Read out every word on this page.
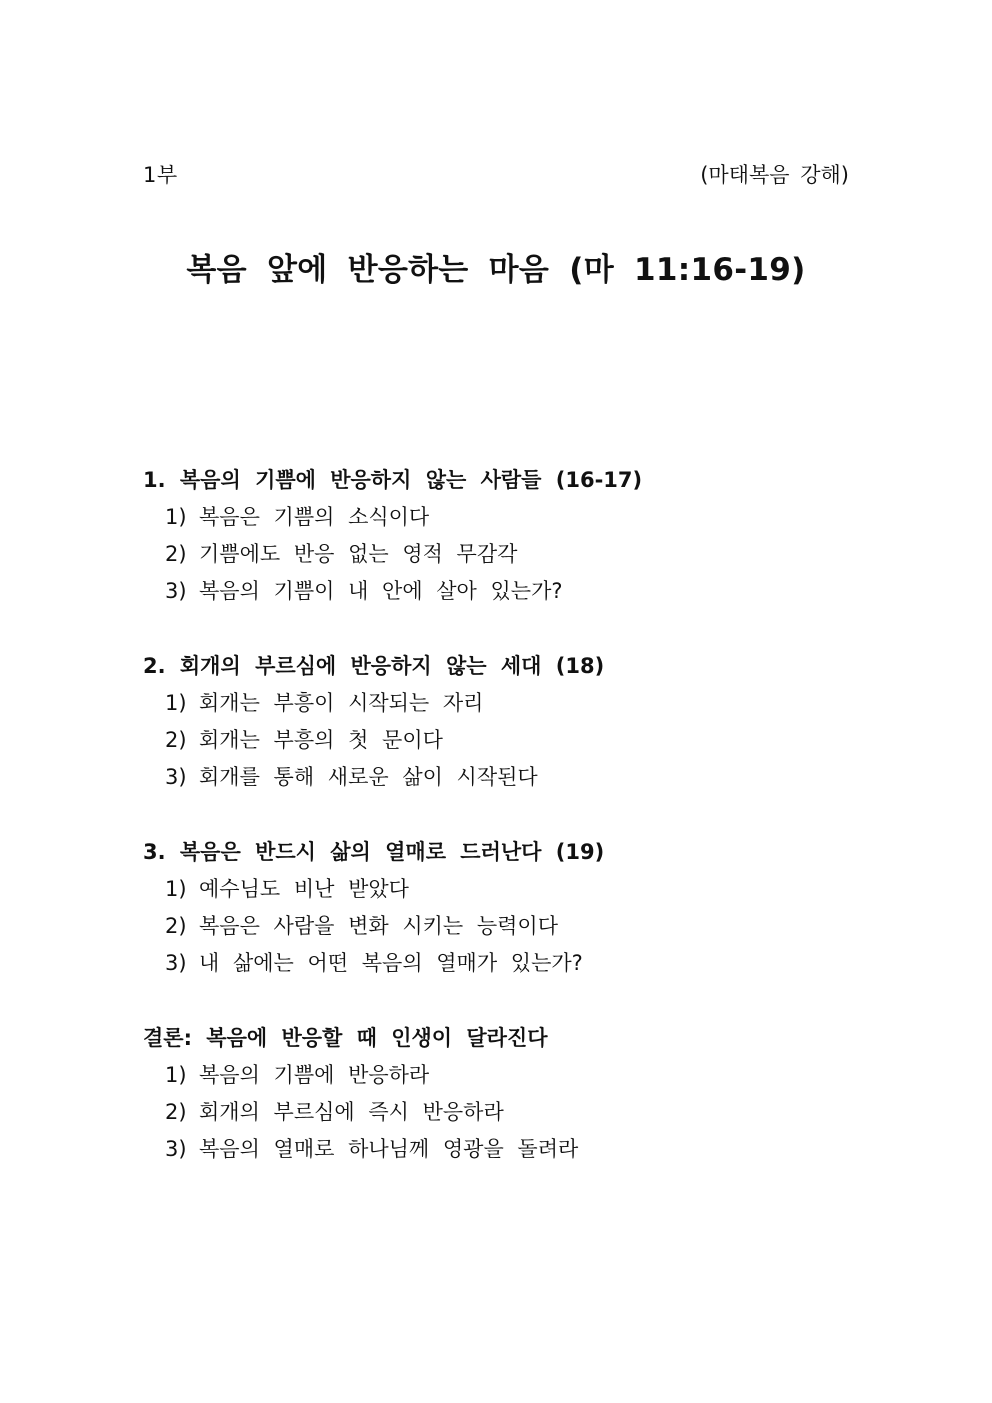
1부	(마태복음 강해)
복음 앞에 반응하는 마음 (마 11:16-19)
1. 복음의 기쁨에 반응하지 않는 사람들 (16-17)
1) 복음은 기쁨의 소식이다
2) 기쁨에도 반응 없는 영적 무감각
3) 복음의 기쁨이 내 안에 살아 있는가?
2. 회개의 부르심에 반응하지 않는 세대 (18)
1) 회개는 부흥이 시작되는 자리
2) 회개는 부흥의 첫 문이다
3) 회개를 통해 새로운 삶이 시작된다
3. 복음은 반드시 삶의 열매로 드러난다 (19)
1) 예수님도 비난 받았다
2) 복음은 사람을 변화 시키는 능력이다
3) 내 삶에는 어떤 복음의 열매가 있는가?
결론: 복음에 반응할 때 인생이 달라진다
1) 복음의 기쁨에 반응하라
2) 회개의 부르심에 즉시 반응하라
3) 복음의 열매로 하나님께 영광을 돌려라
